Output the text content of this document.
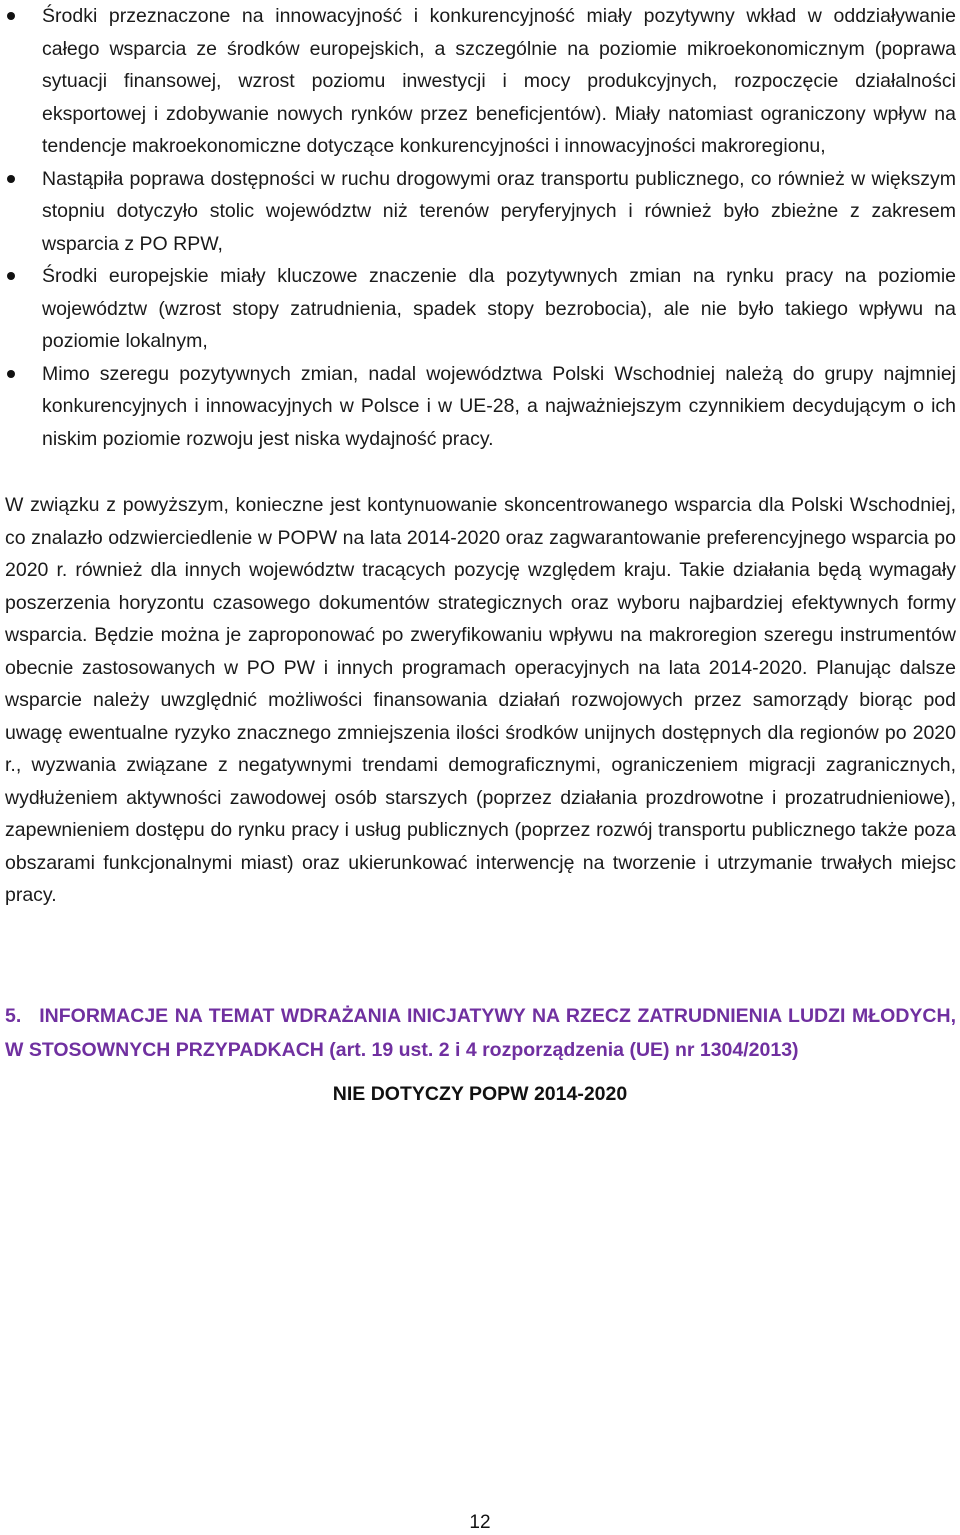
Środki przeznaczone na innowacyjność i konkurencyjność miały pozytywny wkład w oddziaływanie całego wsparcia ze środków europejskich, a szczególnie na poziomie mikroekonomicznym (poprawa sytuacji finansowej, wzrost poziomu inwestycji i mocy produkcyjnych, rozpoczęcie działalności eksportowej i zdobywanie nowych rynków przez beneficjentów). Miały natomiast ograniczony wpływ na tendencje makroekonomiczne dotyczące konkurencyjności i innowacyjności makroregionu,
Nastąpiła poprawa dostępności w ruchu drogowymi oraz transportu publicznego, co również w większym stopniu dotyczyło stolic województw niż terenów peryferyjnych i również było zbieżne z zakresem wsparcia z PO RPW,
Środki europejskie miały kluczowe znaczenie dla pozytywnych zmian na rynku pracy na poziomie województw (wzrost stopy zatrudnienia, spadek stopy bezrobocia), ale nie było takiego wpływu na poziomie lokalnym,
Mimo szeregu pozytywnych zmian, nadal województwa Polski Wschodniej należą do grupy najmniej konkurencyjnych i innowacyjnych w Polsce i w UE-28, a najważniejszym czynnikiem decydującym o ich niskim poziomie rozwoju jest niska wydajność pracy.

W związku z powyższym, konieczne jest kontynuowanie skoncentrowanego wsparcia dla Polski Wschodniej, co znalazło odzwierciedlenie w POPW na lata 2014-2020 oraz zagwarantowanie preferencyjnego wsparcia po 2020 r. również dla innych województw tracących pozycję względem kraju. Takie działania będą wymagały poszerzenia horyzontu czasowego dokumentów strategicznych oraz wyboru najbardziej efektywnych formy wsparcia. Będzie można je zaproponować po zweryfikowaniu wpływu na makroregion szeregu instrumentów obecnie zastosowanych w PO PW i innych programach operacyjnych na lata 2014-2020. Planując dalsze wsparcie należy uwzględnić możliwości finansowania działań rozwojowych przez samorządy biorąc pod uwagę ewentualne ryzyko znacznego zmniejszenia ilości środków unijnych dostępnych dla regionów po 2020 r., wyzwania związane z negatywnymi trendami demograficznymi, ograniczeniem migracji zagranicznych, wydłużeniem aktywności zawodowej osób starszych (poprzez działania prozdrowotne i prozatrudnieniowe), zapewnieniem dostępu do rynku pracy i usług publicznych (poprzez rozwój transportu publicznego także poza obszarami funkcjonalnymi miast) oraz ukierunkować interwencję na tworzenie i utrzymanie trwałych miejsc pracy.

5. INFORMACJE NA TEMAT WDRAŻANIA INICJATYWY NA RZECZ ZATRUDNIENIA LUDZI MŁODYCH, W STOSOWNYCH PRZYPADKACH (art. 19 ust. 2 i 4 rozporządzenia (UE) nr 1304/2013)

NIE DOTYCZY POPW 2014-2020

12
